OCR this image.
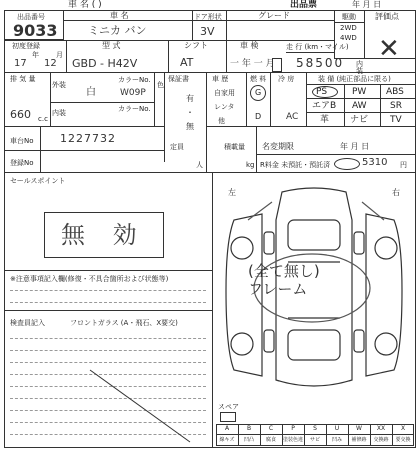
車 名 ( )	出品票	年 月 日
出品番号
9033
車 名
ミニカ バン
ドア形状
3V
グレード	駆動
2WD
4WD
評価点
✕
初度登録
年 月
17 12
型 式
GBD - H42V
シフト
AT
車 検
一 年 一 月
走 行 (km・マイル)
58500 内
装
排 気 量
660 c.c
外装
白
カラーNo.
W09P
内装	カラーNo.
色
保証書
有
・
無
車 歴
自家用
レンタ
他
燃 料
G
D
冷 房
AC
装 備 (純正部品に限る)
PS	PW ABS
エアB AW	SR
革 ナビ TV
車台No 1227732
登録No
定員
人
積載量
kg
名変期限	年 月 日
R料金 未預託・預託済	5310 円
セールスポイント
無 効
※注意事項記入欄(修復・不具合箇所および状態等)
検査員記入	フロントガラス (A・飛石、X要交)
左	右
(全て無し)
フレーム
スペア
A
線キズ
B
凹凸
C
腐食
P
塗装色違
S
サビ
U
凹み
W
補修跡
XX
交換跡
X
要交換
